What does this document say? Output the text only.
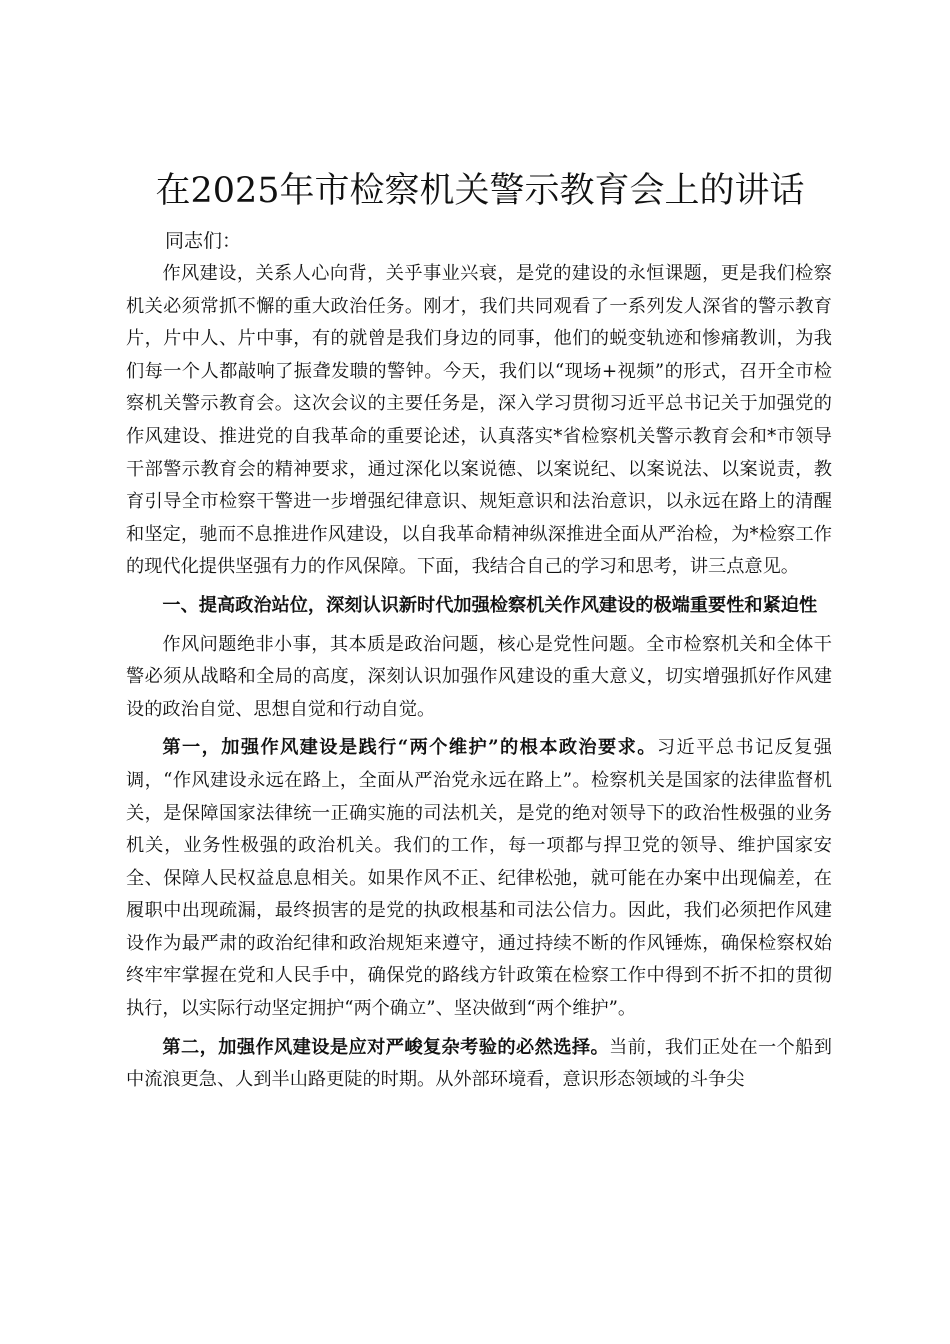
在2025年市检察机关警示教育会上的讲话

同志们：

作风建设，关系人心向背，关乎事业兴衰，是党的建设的永恒课题，更是我们检察机关必须常抓不懈的重大政治任务。刚才，我们共同观看了一系列发人深省的警示教育片，片中人、片中事，有的就曾是我们身边的同事，他们的蜕变轨迹和惨痛教训，为我们每一个人都敲响了振聋发聩的警钟。今天，我们以“现场+视频”的形式，召开全市检察机关警示教育会。这次会议的主要任务是，深入学习贯彻习近平总书记关于加强党的作风建设、推进党的自我革命的重要论述，认真落实*省检察机关警示教育会和*市领导干部警示教育会的精神要求，通过深化以案说德、以案说纪、以案说法、以案说责，教育引导全市检察干警进一步增强纪律意识、规矩意识和法治意识，以永远在路上的清醒和坚定，驰而不息推进作风建设，以自我革命精神纵深推进全面从严治检，为*检察工作的现代化提供坚强有力的作风保障。下面，我结合自己的学习和思考，讲三点意见。

一、提高政治站位，深刻认识新时代加强检察机关作风建设的极端重要性和紧迫性

作风问题绝非小事，其本质是政治问题，核心是党性问题。全市检察机关和全体干警必须从战略和全局的高度，深刻认识加强作风建设的重大意义，切实增强抓好作风建设的政治自觉、思想自觉和行动自觉。

第一，加强作风建设是践行“两个维护”的根本政治要求。习近平总书记反复强调，“作风建设永远在路上，全面从严治党永远在路上”。检察机关是国家的法律监督机关，是保障国家法律统一正确实施的司法机关，是党的绝对领导下的政治性极强的业务机关，业务性极强的政治机关。我们的工作，每一项都与捍卫党的领导、维护国家安全、保障人民权益息息相关。如果作风不正、纪律松弛，就可能在办案中出现偏差，在履职中出现疏漏，最终损害的是党的执政根基和司法公信力。因此，我们必须把作风建设作为最严肃的政治纪律和政治规矩来遵守，通过持续不断的作风锤炼，确保检察权始终牢牢掌握在党和人民手中，确保党的路线方针政策在检察工作中得到不折不扣的贯彻执行，以实际行动坚定拥护“两个确立”、坚决做到“两个维护”。

第二，加强作风建设是应对严峻复杂考验的必然选择。当前，我们正处在一个船到中流浪更急、人到半山路更陡的时期。从外部环境看，意识形态领域的斗争尖
